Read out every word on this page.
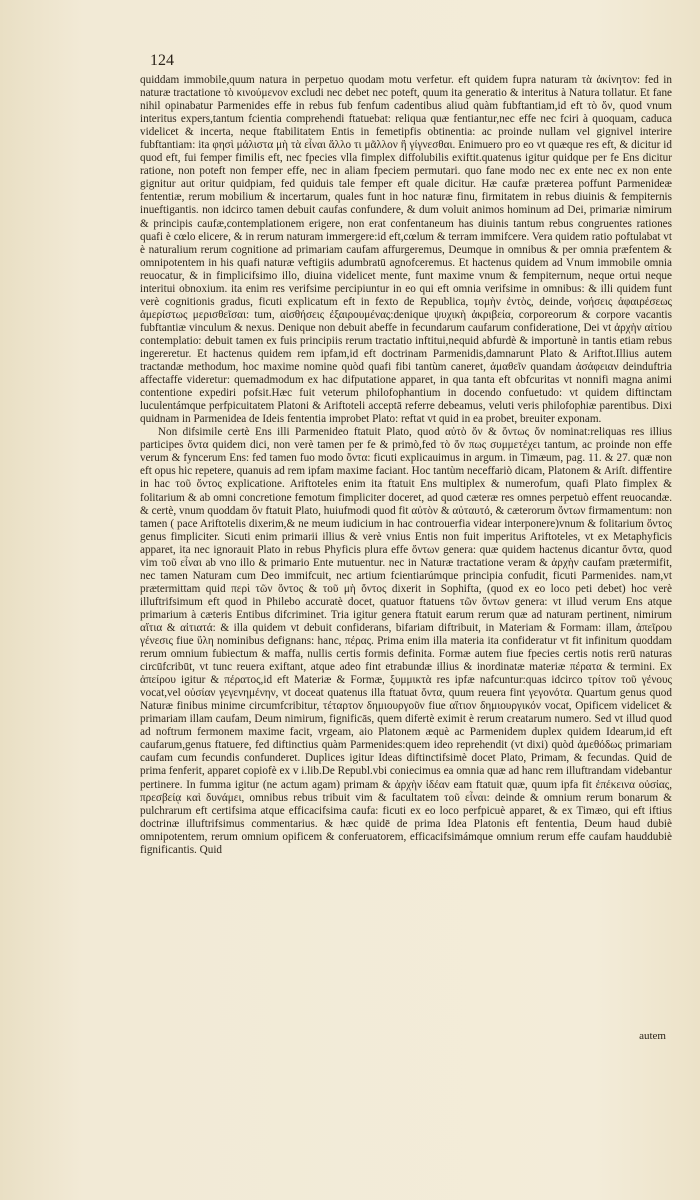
124

quiddam immobile,quum natura in perpetuo quodam motu verfetur. eft quidem fupra naturam τὰ ἀκίνητον: fed in naturæ tractatione τὸ κινούμενον excludi nec debet nec poteft, quum ita generatio & interitus à Natura tollatur. Et fane nihil opinabatur Parmenides effe in rebus fub fenfum cadentibus aliud quàm fubftantiam,id eft τὸ ὄν, quod vnum interitus expers,tantum fcientia comprehendi ftatuebat: reliqua quæ fentiantur,nec effe nec fciri à quoquam, caduca videlicet & incerta, neque ftabilitatem Entis in femetipfis obtinentia: ac proinde nullam vel gignivel interire fubftantiam: ita φησὶ μάλιστα μὴ τὰ εἶναι ἄλλο τι μᾶλλον ἢ γίγνεσθαι. Enimuero pro eo vt quæque res eft, & dicitur id quod eft, fui femper fimilis eft, nec fpecies vlla fimplex diffolubilis exiftit.quatenus igitur quidque per fe Ens dicitur ratione, non poteft non femper effe, nec in aliam fpeciem permutari. quo fane modo nec ex ente nec ex non ente gignitur aut oritur quidpiam, fed quiduis tale femper eft quale dicitur. Hæ caufæ præterea poffunt Parmenideæ fententiæ, rerum mobilium & incertarum, quales funt in hoc naturæ finu, firmitatem in rebus diuinis & fempiternis inueftigantis. non idcirco tamen debuit caufas confundere, & dum voluit animos hominum ad Dei, primariæ nimirum & principis caufæ,contemplationem erigere, non erat confentaneum has diuinis tantum rebus congruentes rationes quafi è cœlo elicere, & in rerum naturam immergere:id eft,cœlum & terram immifcere. Vera quidem ratio poftulabat vt è naturalium rerum cognitione ad primariam caufam affurgeremus, Deumque in omnibus & per omnia præfentem & omnipotentem in his quafi naturæ veftigiis adumbratū agnofceremus. Et hactenus quidem ad Vnum immobile omnia reuocatur, & in fimplicifsimo illo, diuina videlicet mente, funt maxime vnum & fempiternum, neque ortui neque interitui obnoxium. ita enim res verifsime percipiuntur in eo qui eft omnia verifsime in omnibus: & illi quidem funt verè cognitionis gradus, ficuti explicatum eft in fexto de Republica, τομὴν ἐντὸς, deinde, νοήσεις ἀφαιρέσεως ἀμερίστως μερισθεῖσαι: tum, αἰσθήσεις ἐξαιρουμένας:denique ψυχικὴ ἀκριβεία, corporeorum & corpore vacantis fubftantiæ vinculum & nexus. Denique non debuit abeffe in fecundarum caufarum confideratione, Dei vt ἀρχὴν αἰτίου contemplatio: debuit tamen ex fuis principiis rerum tractatio inftitui,nequid abfurdè & importunè in tantis etiam rebus ingereretur. Et hactenus quidem rem ipfam,id eft doctrinam Parmenidis,damnarunt Plato & Ariftot.Illius autem tractandæ methodum, hoc maxime nomine quòd quafi fibi tantùm caneret, ἀμαθεῖν quandam ἀσάφειαν deinduftria affectaffe videretur: quemadmodum ex hac difputatione apparet, in qua tanta eft obfcuritas vt nonnifi magna animi contentione expediri pofsit.Hæc fuit veterum philofophantium in docendo confuetudo: vt quidem diftinctam luculentámque perfpicuitatem Platoni & Ariftoteli acceptā referre debeamus, veluti veris philofophiæ parentibus. Dixi quidnam in Parmenidea de Ideis fententia improbet Plato: reftat vt quid in ea probet, breuiter exponam.

Non difsimile certè Ens illi Parmenideo ftatuit Plato, quod αὐτὸ ὄν & ὄντως ὄν nominat:reliquas res illius participes ὄντα quidem dici, non verè tamen per fe & primò,fed τὸ ὄν πως συμμετέχει tantum, ac proinde non effe verum & fyncerum Ens: fed tamen fuo modo ὄντα: ficuti explicauimus in argum. in Timæum, pag. 11. & 27. quæ non eft opus hic repetere, quanuis ad rem ipfam maxime faciant. Hoc tantùm neceffariò dicam, Platonem & Ariſt. diffentire in hac τοῦ ὄντος explicatione. Ariftoteles enim ita ftatuit Ens multiplex & numerofum, quafi Plato fimplex & folitarium & ab omni concretione femotum fimpliciter doceret, ad quod cæteræ res omnes perpetuò effent reuocandæ. & certè, vnum quoddam ὄν ftatuit Plato, huiufmodi quod fit αὐτὸν & αὐταυτό, & cæterorum ὄντων firmamentum: non tamen ( pace Ariftotelis dixerim,& ne meum iudicium in hac controuerfia videar interponere)vnum & folitarium ὄντος genus fimpliciter. Sicuti enim primarii illius & verè vnius Entis non fuit imperitus Ariftoteles, vt ex Metaphyficis apparet, ita nec ignorauit Plato in rebus Phyficis plura effe ὄντων genera: quæ quidem hactenus dicantur ὄντα, quod vim τοῦ εἶναι ab vno illo & primario Ente mutuentur. nec in Naturæ tractatione veram & ἀρχὴν caufam prætermifit, nec tamen Naturam cum Deo immifcuit, nec artium fcientiarúmque principia confudit, ficuti Parmenides. nam,vt prætermittam quid περὶ τῶν ὄντος & τοῦ μὴ ὄντος dixerit in Sophifta, (quod ex eo loco peti debet) hoc verè illuftrifsimum eft quod in Philebo accuratè docet, quatuor ftatuens τῶν ὄντων genera: vt illud verum Ens atque primarium à cæteris Entibus difcriminet. Tria igitur genera ftatuit earum rerum quæ ad naturam pertinent, nimirum αἴτια & αἰτιατά: & illa quidem vt debuit confiderans, bifariam diftribuit, in Materiam & Formam: illam, ἀπεῖρου γένεσις fiue ὕλη nominibus defignans: hanc, πέρας. Prima enim illa materia ita confideratur vt fit infinitum quoddam rerum omnium fubiectum & maffa, nullis certis formis definita. Formæ autem fiue fpecies certis notis rerū naturas circūfcribūt, vt tunc reuera exiftant, atque adeo fint etrabundæ illius & inordinatæ materiæ πέρατα & termini. Ex ἀπείρου igitur & πέρατος,id eft Materiæ & Formæ, ξυμμικτὰ res ipfæ nafcuntur:quas idcirco τρίτον τοῦ γένους vocat,vel οὐσίαν γεγενημένην, vt doceat quatenus illa ftatuat ὄντα, quum reuera fint γεγονότα. Quartum genus quod Naturæ finibus minime circumfcribitur, τέταρτον δημιουργοῦν fiue αἴτιον δημιουργικόν vocat, Opificem videlicet & primariam illam caufam, Deum nimirum, fignificās, quem difertè eximit è rerum creatarum numero. Sed vt illud quod ad noftrum fermonem maxime facit, vrgeam, aio Platonem æquè ac Parmenidem duplex quidem Idearum,id eft caufarum,genus ftatuere, fed diftinctius quàm Parmenides:quem ideo reprehendit (vt dixi) quòd ἀμεθόδως primariam caufam cum fecundis confunderet. Duplices igitur Ideas diftinctifsimè docet Plato, Primam, & fecundas. Quid de prima fenferit, apparet copiofè ex v i.lib.De Republ.vbi coniecimus ea omnia quæ ad hanc rem illuftrandam videbantur pertinere. In fumma igitur (ne actum agam) primam & ἀρχὴν ἰδέαν eam ftatuit quæ, quum ipfa fit ἐπέκεινα οὐσίας, πρεσβείᾳ καὶ δυνάμει, omnibus rebus tribuit vim & facultatem τοῦ εἶναι: deinde & omnium rerum bonarum & pulchrarum eft certifsima atque efficacifsima caufa: ficuti ex eo loco perfpicuè apparet, & ex Timæo, qui eft iftius doctrinæ illuftrifsimus commentarius. & hæc quidē de prima Idea Platonis eft fententia, Deum haud dubiè omnipotentem, rerum omnium opificem & conferuatorem, efficacifsimámque omnium rerum effe caufam hauddubiè fignificantis. Quid

autem
